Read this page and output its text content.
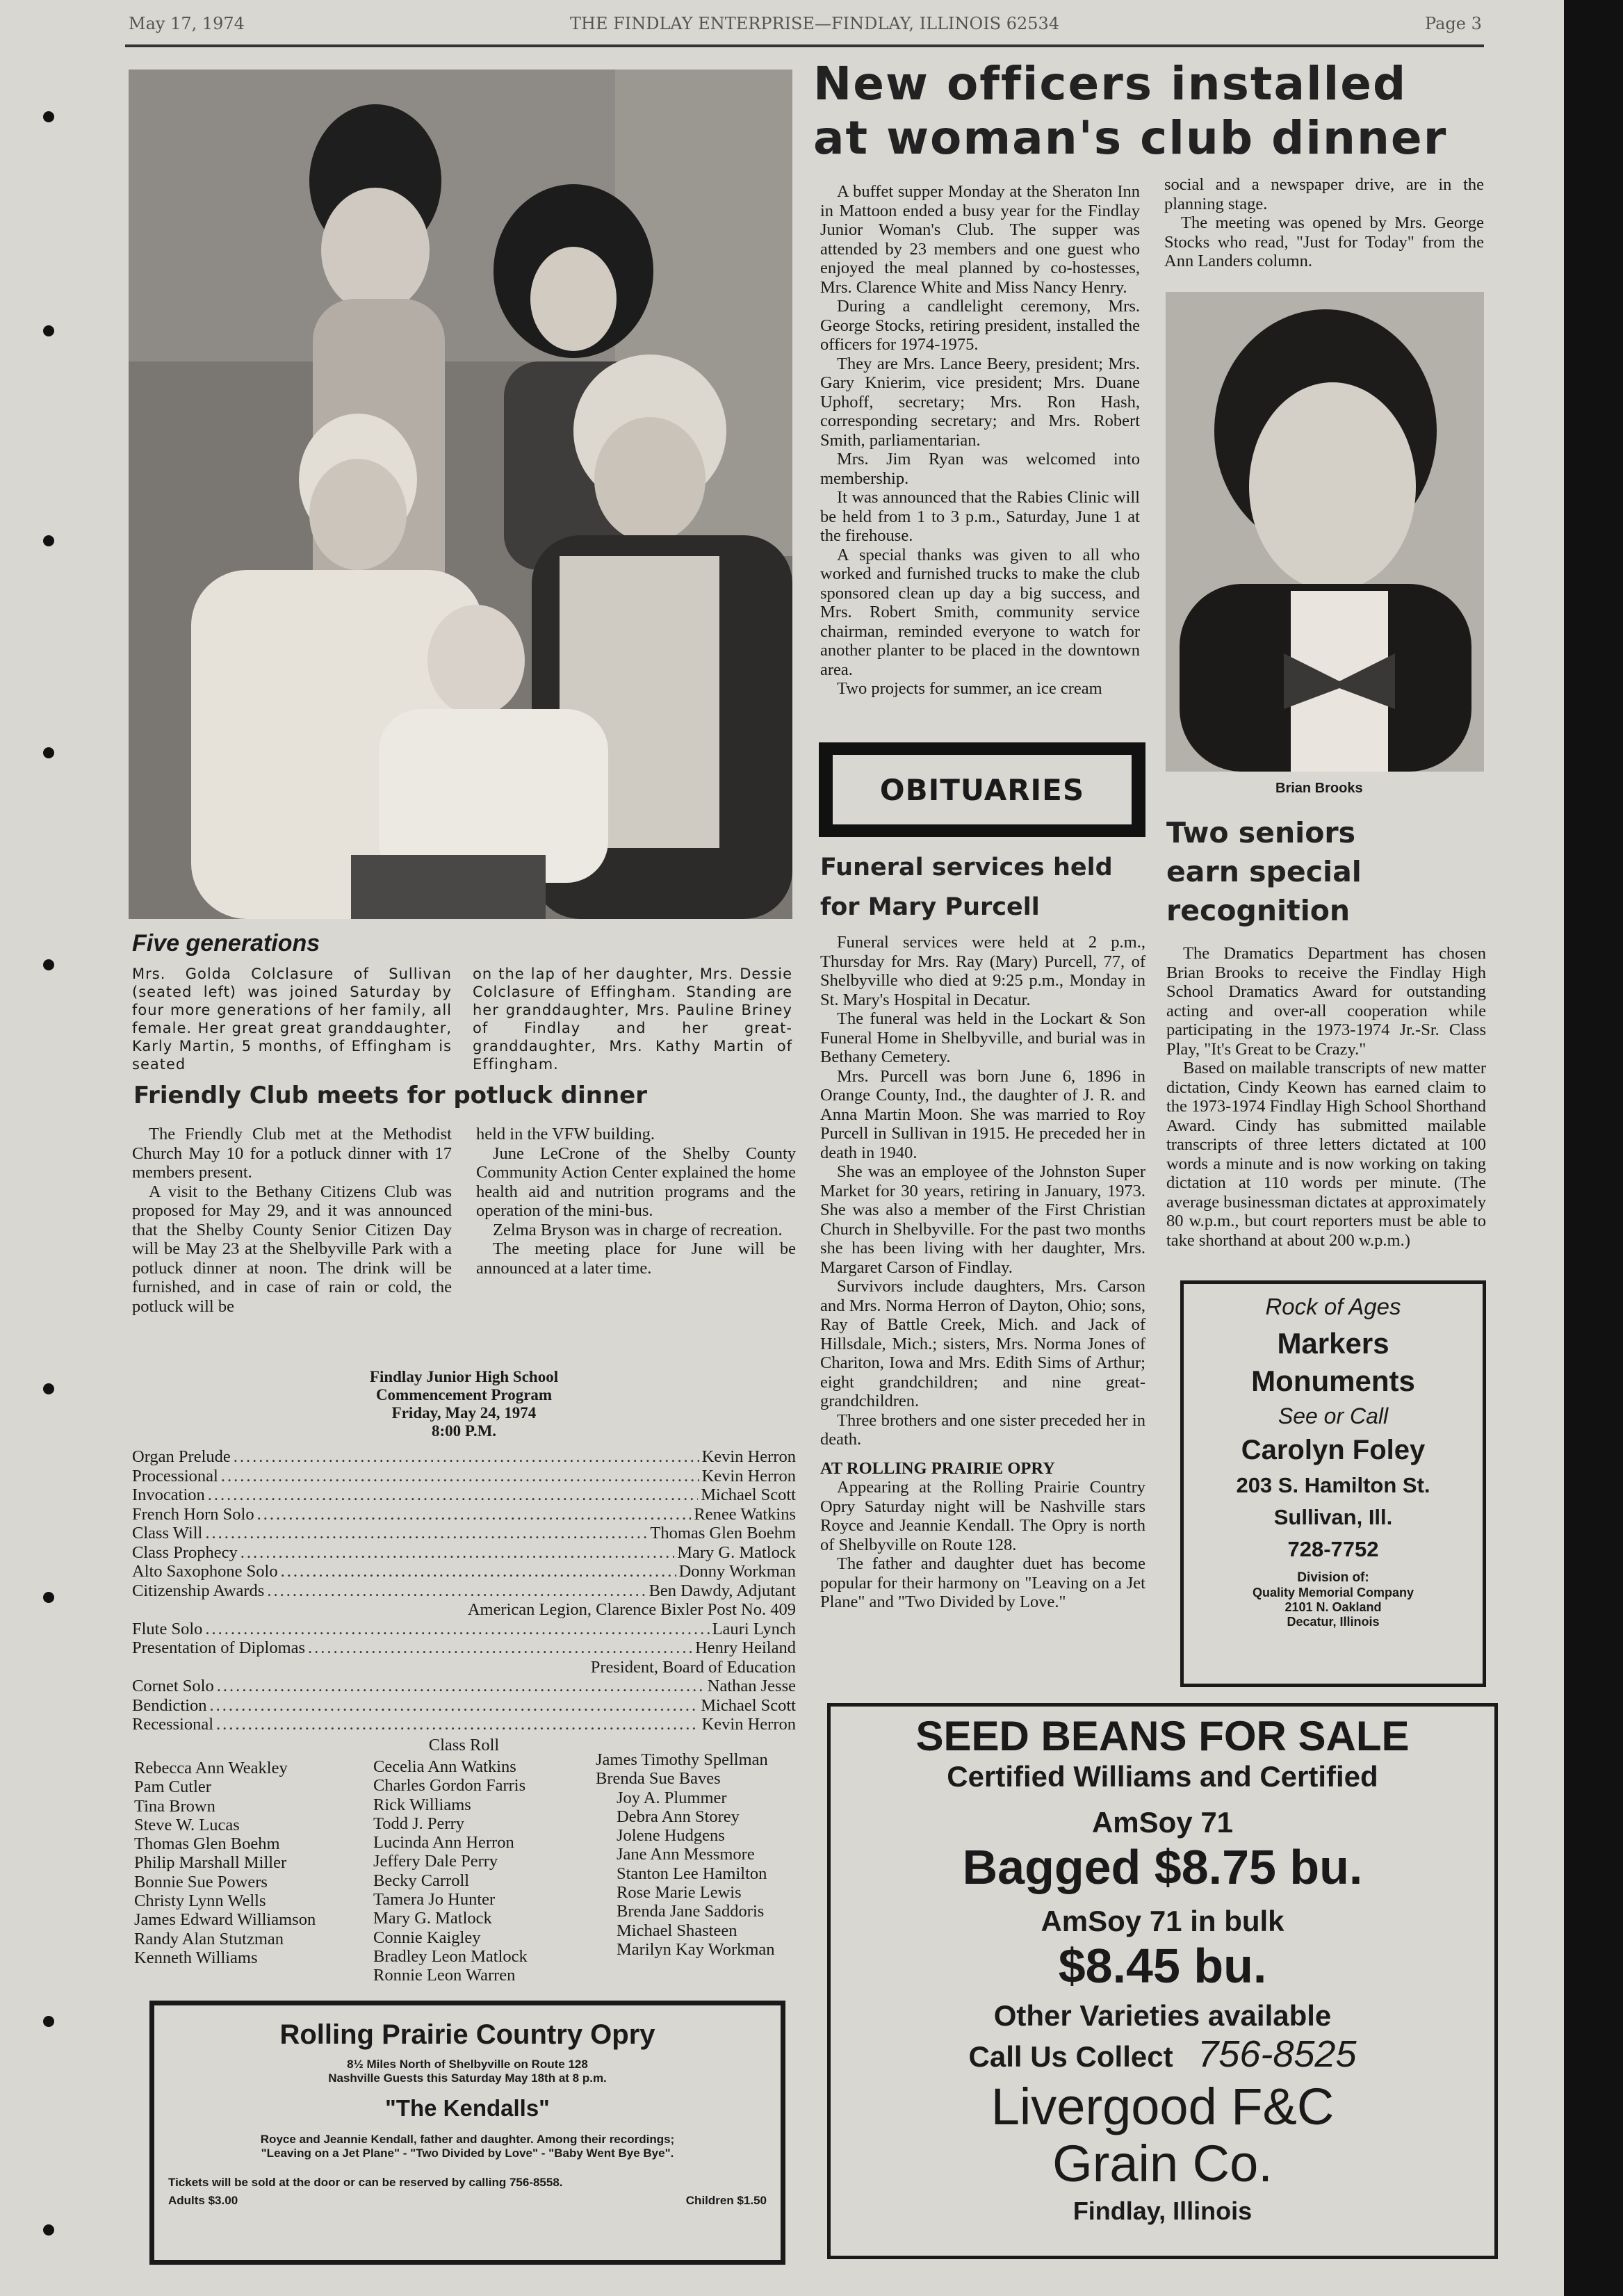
May 17, 1974	THE FINDLAY ENTERPRISE—FINDLAY, ILLINOIS 62534	Page 3
Five generations
Mrs. Golda Colclasure of Sullivan (seated left) was joined Saturday by four more generations of her family, all female. Her great great granddaughter, Karly Martin, 5 months, of Effingham is seated
on the lap of her daughter, Mrs. Dessie Colclasure of Effingham. Standing are her granddaughter, Mrs. Pauline Briney of Findlay and her great-granddaughter, Mrs. Kathy Martin of Effingham.
New officers installed
at woman's club dinner

A buffet supper Monday at the Sheraton Inn in Mattoon ended a busy year for the Findlay Junior Woman's Club. The supper was attended by 23 members and one guest who enjoyed the meal planned by co-hostesses, Mrs. Clarence White and Miss Nancy Henry.

During a candlelight ceremony, Mrs. George Stocks, retiring president, installed the officers for 1974-1975.

They are Mrs. Lance Beery, president; Mrs. Gary Knierim, vice president; Mrs. Duane Uphoff, secretary; Mrs. Ron Hash, corresponding secretary; and Mrs. Robert Smith, parliamentarian.

Mrs. Jim Ryan was welcomed into membership.

It was announced that the Rabies Clinic will be held from 1 to 3 p.m., Saturday, June 1 at the firehouse.

A special thanks was given to all who worked and furnished trucks to make the club sponsored clean up day a big success, and Mrs. Robert Smith, community service chairman, reminded everyone to watch for another planter to be placed in the downtown area.

Two projects for summer, an ice cream

social and a newspaper drive, are in the planning stage.

The meeting was opened by Mrs. George Stocks who read, "Just for Today" from the Ann Landers column.

Brian Brooks
Two seniors
earn special
recognition

The Dramatics Department has chosen Brian Brooks to receive the Findlay High School Dramatics Award for outstanding acting and over-all cooperation while participating in the 1973-1974 Jr.-Sr. Class Play, "It's Great to be Crazy."

Based on mailable transcripts of new matter dictation, Cindy Keown has earned claim to the 1973-1974 Findlay High School Shorthand Award. Cindy has submitted mailable transcripts of three letters dictated at 100 words a minute and is now working on taking dictation at 110 words per minute. (The average businessman dictates at approximately 80 w.p.m., but court reporters must be able to take shorthand at about 200 w.p.m.)

OBITUARIES
Funeral services held
for Mary Purcell

Funeral services were held at 2 p.m., Thursday for Mrs. Ray (Mary) Purcell, 77, of Shelbyville who died at 9:25 p.m., Monday in St. Mary's Hospital in Decatur.

The funeral was held in the Lockart & Son Funeral Home in Shelbyville, and burial was in Bethany Cemetery.

Mrs. Purcell was born June 6, 1896 in Orange County, Ind., the daughter of J. R. and Anna Martin Moon. She was married to Roy Purcell in Sullivan in 1915. He preceded her in death in 1940.

She was an employee of the Johnston Super Market for 30 years, retiring in January, 1973. She was also a member of the First Christian Church in Shelbyville. For the past two months she has been living with her daughter, Mrs. Margaret Carson of Findlay.

Survivors include daughters, Mrs. Carson and Mrs. Norma Herron of Dayton, Ohio; sons, Ray of Battle Creek, Mich. and Jack of Hillsdale, Mich.; sisters, Mrs. Norma Jones of Chariton, Iowa and Mrs. Edith Sims of Arthur; eight grandchildren; and nine great-grandchildren.

Three brothers and one sister preceded her in death.

AT ROLLING PRAIRIE OPRY

Appearing at the Rolling Prairie Country Opry Saturday night will be Nashville stars Royce and Jeannie Kendall. The Opry is north of Shelbyville on Route 128.

The father and daughter duet has become popular for their harmony on "Leaving on a Jet Plane" and "Two Divided by Love."

Friendly Club meets for potluck dinner

The Friendly Club met at the Methodist Church May 10 for a potluck dinner with 17 members present.

A visit to the Bethany Citizens Club was proposed for May 29, and it was announced that the Shelby County Senior Citizen Day will be May 23 at the Shelbyville Park with a potluck dinner at noon. The drink will be furnished, and in case of rain or cold, the potluck will be

held in the VFW building.

June LeCrone of the Shelby County Community Action Center explained the home health aid and nutrition programs and the operation of the mini-bus.

Zelma Bryson was in charge of recreation.

The meeting place for June will be announced at a later time.

Findlay Junior High School
Commencement Program
Friday, May 24, 1974
8:00 P.M.
Organ Prelude .....	Kevin Herron
Processional .....	Kevin Herron
Invocation .....	Michael Scott
French Horn Solo .....	Renee Watkins
Class Will .....	Thomas Glen Boehm
Class Prophecy .....	Mary G. Matlock
Alto Saxophone Solo .....	Donny Workman
Citizenship Awards .....	Ben Dawdy, Adjutant
American Legion, Clarence Bixler Post No. 409
Flute Solo .....	Lauri Lynch
Presentation of Diplomas .....	Henry Heiland
President, Board of Education
Cornet Solo .....	Nathan Jesse
Bendiction .....	Michael Scott
Recessional .....	Kevin Herron
Class Roll
Rebecca Ann Weakley
Pam Cutler
Tina Brown
Steve W. Lucas
Thomas Glen Boehm
Philip Marshall Miller
Bonnie Sue Powers
Christy Lynn Wells
James Edward Williamson
Randy Alan Stutzman
Kenneth Williams
Cecelia Ann Watkins
Charles Gordon Farris
Rick Williams
Todd J. Perry
Lucinda Ann Herron
Jeffery Dale Perry
Becky Carroll
Tamera Jo Hunter
Mary G. Matlock
Connie Kaigley
Bradley Leon Matlock
Ronnie Leon Warren
James Timothy Spellman
Brenda Sue Baves
Joy A. Plummer
Debra Ann Storey
Jolene Hudgens
Jane Ann Messmore
Stanton Lee Hamilton
Rose Marie Lewis
Brenda Jane Saddoris
Michael Shasteen
Marilyn Kay Workman
Rolling Prairie Country Opry
8½ Miles North of Shelbyville on Route 128
Nashville Guests this Saturday May 18th at 8 p.m.
"The Kendalls"
Royce and Jeannie Kendall, father and daughter. Among their recordings;
"Leaving on a Jet Plane" - "Two Divided by Love" - "Baby Went Bye Bye".
Tickets will be sold at the door or can be reserved by calling 756-8558.
Adults $3.00	Children $1.50
Rock of Ages
Markers
Monuments
See or Call
Carolyn Foley
203 S. Hamilton St.
Sullivan, Ill.
728-7752
Division of:
Quality Memorial Company
2101 N. Oakland
Decatur, Illinois
SEED BEANS FOR SALE
Certified Williams and Certified
AmSoy 71
Bagged $8.75 bu.
AmSoy 71 in bulk
$8.45 bu.
Other Varieties available
Call Us Collect 756-8525
Livergood F&C
Grain Co.
Findlay, Illinois
